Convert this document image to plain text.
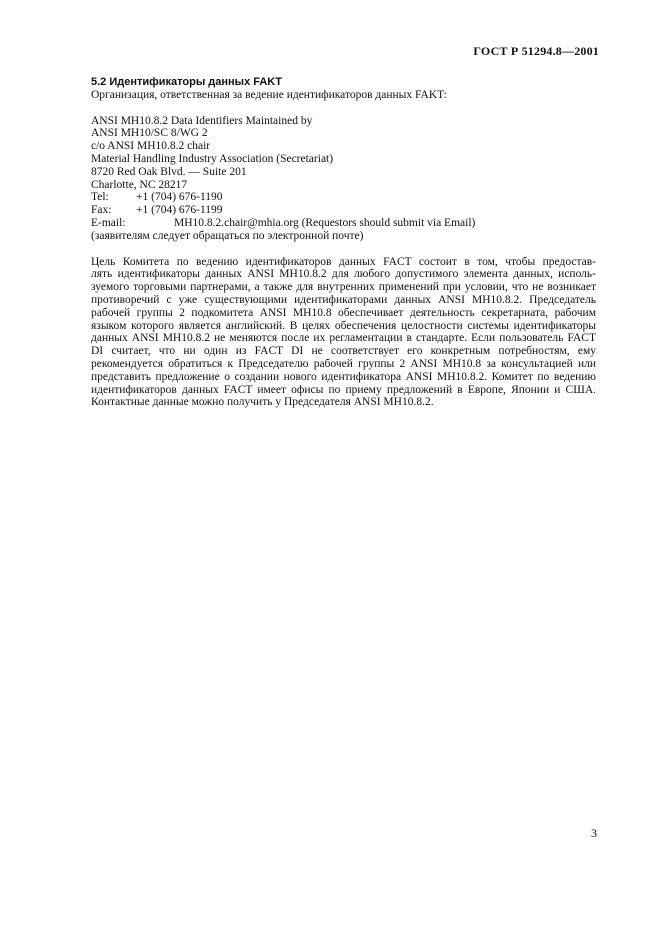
ГОСТ Р 51294.8—2001
5.2 Идентификаторы данных FAKT
Организация, ответственная за ведение идентификаторов данных FAKT:
ANSI MH10.8.2 Data Identifiers Maintained by
ANSI MH10/SC 8/WG 2
c/o ANSI MH10.8.2 chair
Material Handling Industry Association (Secretariat)
8720 Red Oak Blvd. — Suite 201
Charlotte, NC 28217
Tel: +1 (704) 676-1190
Fax: +1 (704) 676-1199
E-mail:	MH10.8.2.chair@mhia.org (Requestors should submit via Email)
(заявителям следует обращаться по электронной почте)
Цель Комитета по ведению идентификаторов данных FACT состоит в том, чтобы предостав-
лять идентификаторы данных ANSI MH10.8.2 для любого допустимого элемента данных, исполь-
зуемого торговыми партнерами, а также для внутренних применений при условии, что не возникает
противоречий с уже существующими идентификаторами данных ANSI MH10.8.2. Председатель
рабочей группы 2 подкомитета ANSI MH10.8 обеспечивает деятельность секретариата, рабочим
языком которого является английский. В целях обеспечения целостности системы идентификаторы
данных ANSI MH10.8.2 не меняются после их регламентации в стандарте. Если пользователь FACT
DI считает, что ни один из FACT DI не соответствует его конкретным потребностям, ему
рекомендуется обратиться к Председателю рабочей группы 2 ANSI MH10.8 за консультацией или
представить предложение о создании нового идентификатора ANSI MH10.8.2. Комитет по ведению
идентификаторов данных FACT имеет офисы по приему предложений в Европе, Японии и США.
Контактные данные можно получить у Председателя ANSI MH10.8.2.
3
